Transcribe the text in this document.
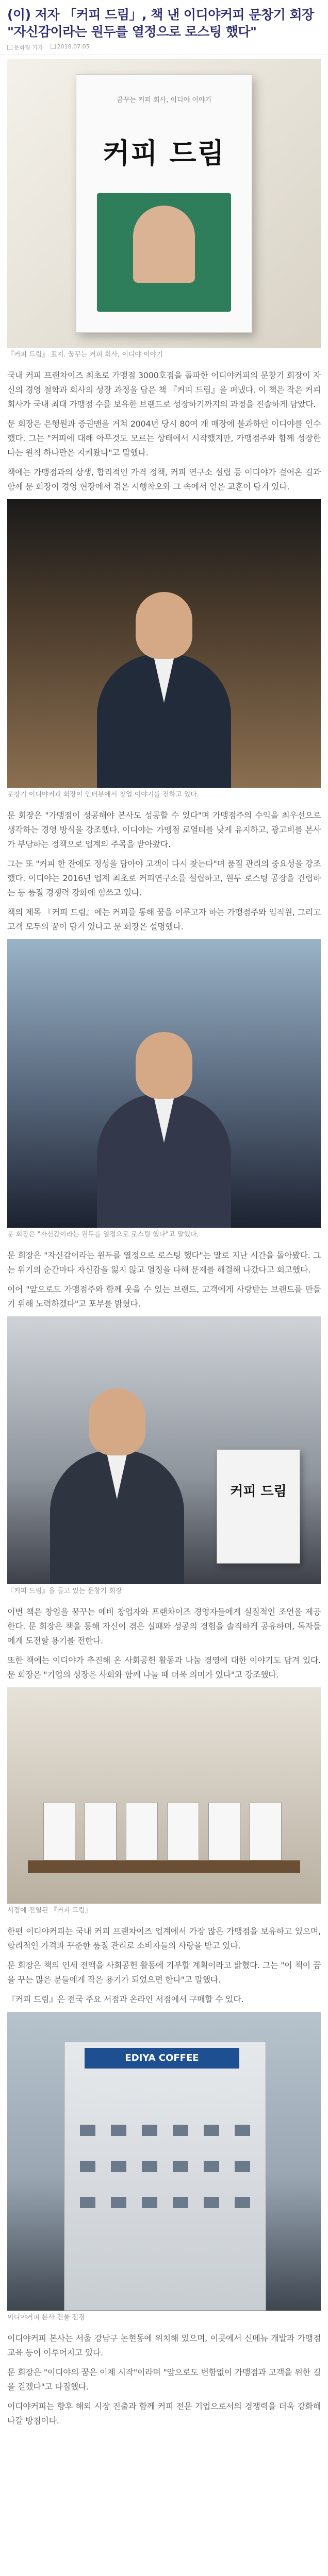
(이) 저자 「커피 드림」, 책 낸 이디야커피 문창기 회장 "자신감이라는 원두를 열정으로 로스팅 했다"
문화팀 기자	2018.07.05
꿈꾸는 커피 회사, 이디야 이야기
커피 드림
『커피 드림』 표지. 꿈꾸는 커피 회사, 이디야 이야기

국내 커피 프랜차이즈 최초로 가맹점 3000호점을 돌파한 이디야커피의 문창기 회장이 자신의 경영 철학과 회사의 성장 과정을 담은 책 『커피 드림』을 펴냈다. 이 책은 작은 커피 회사가 국내 최대 가맹점 수를 보유한 브랜드로 성장하기까지의 과정을 진솔하게 담았다.

문 회장은 은행원과 증권맨을 거쳐 2004년 당시 80여 개 매장에 불과하던 이디야를 인수했다. 그는 "커피에 대해 아무것도 모르는 상태에서 시작했지만, 가맹점주와 함께 성장한다는 원칙 하나만은 지켜왔다"고 말했다.

책에는 가맹점과의 상생, 합리적인 가격 정책, 커피 연구소 설립 등 이디야가 걸어온 길과 함께 문 회장이 경영 현장에서 겪은 시행착오와 그 속에서 얻은 교훈이 담겨 있다.

문창기 이디야커피 회장이 인터뷰에서 창업 이야기를 전하고 있다.

문 회장은 "가맹점이 성공해야 본사도 성공할 수 있다"며 가맹점주의 수익을 최우선으로 생각하는 경영 방식을 강조했다. 이디야는 가맹점 로열티를 낮게 유지하고, 광고비를 본사가 부담하는 정책으로 업계의 주목을 받아왔다.

그는 또 "커피 한 잔에도 정성을 담아야 고객이 다시 찾는다"며 품질 관리의 중요성을 강조했다. 이디야는 2016년 업계 최초로 커피연구소를 설립하고, 원두 로스팅 공장을 건립하는 등 품질 경쟁력 강화에 힘쓰고 있다.

책의 제목 『커피 드림』에는 커피를 통해 꿈을 이루고자 하는 가맹점주와 임직원, 그리고 고객 모두의 꿈이 담겨 있다고 문 회장은 설명했다.

문 회장은 "자신감이라는 원두를 열정으로 로스팅 했다"고 말했다.

문 회장은 "자신감이라는 원두를 열정으로 로스팅 했다"는 말로 지난 시간을 돌아봤다. 그는 위기의 순간마다 자신감을 잃지 않고 열정을 다해 문제를 해결해 나갔다고 회고했다.

이어 "앞으로도 가맹점주와 함께 웃을 수 있는 브랜드, 고객에게 사랑받는 브랜드를 만들기 위해 노력하겠다"고 포부를 밝혔다.

커피 드림
『커피 드림』을 들고 있는 문창기 회장

이번 책은 창업을 꿈꾸는 예비 창업자와 프랜차이즈 경영자들에게 실질적인 조언을 제공한다. 문 회장은 책을 통해 자신이 겪은 실패와 성공의 경험을 솔직하게 공유하며, 독자들에게 도전할 용기를 전한다.

또한 책에는 이디야가 추진해 온 사회공헌 활동과 나눔 경영에 대한 이야기도 담겨 있다. 문 회장은 "기업의 성장은 사회와 함께 나눌 때 더욱 의미가 있다"고 강조했다.

서점에 진열된 『커피 드림』

한편 이디야커피는 국내 커피 프랜차이즈 업계에서 가장 많은 가맹점을 보유하고 있으며, 합리적인 가격과 꾸준한 품질 관리로 소비자들의 사랑을 받고 있다.

문 회장은 책의 인세 전액을 사회공헌 활동에 기부할 계획이라고 밝혔다. 그는 "이 책이 꿈을 꾸는 많은 분들에게 작은 용기가 되었으면 한다"고 말했다.

『커피 드림』은 전국 주요 서점과 온라인 서점에서 구매할 수 있다.

EDIYA COFFEE
이디야커피 본사 건물 전경

이디야커피 본사는 서울 강남구 논현동에 위치해 있으며, 이곳에서 신메뉴 개발과 가맹점 교육 등이 이루어지고 있다.

문 회장은 "이디야의 꿈은 이제 시작"이라며 "앞으로도 변함없이 가맹점과 고객을 위한 길을 걷겠다"고 다짐했다.

이디야커피는 향후 해외 시장 진출과 함께 커피 전문 기업으로서의 경쟁력을 더욱 강화해 나갈 방침이다.
